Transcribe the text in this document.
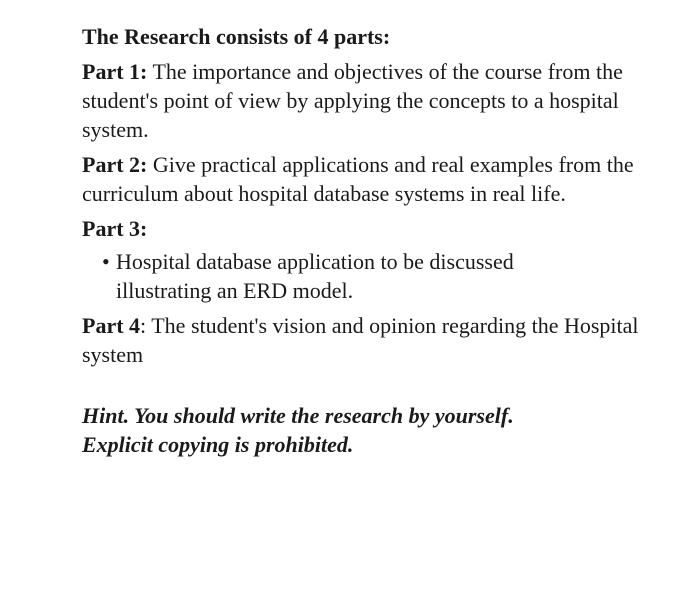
The Research consists of 4 parts:

Part 1: The importance and objectives of the course from the student's point of view by applying the concepts to a hospital system.

Part 2: Give practical applications and real examples from the curriculum about hospital database systems in real life.

Part 3:

• Hospital database application to be discussed illustrating an ERD model.

Part 4: The student's vision and opinion regarding the Hospital system

Hint. You should write the research by yourself. Explicit copying is prohibited.
